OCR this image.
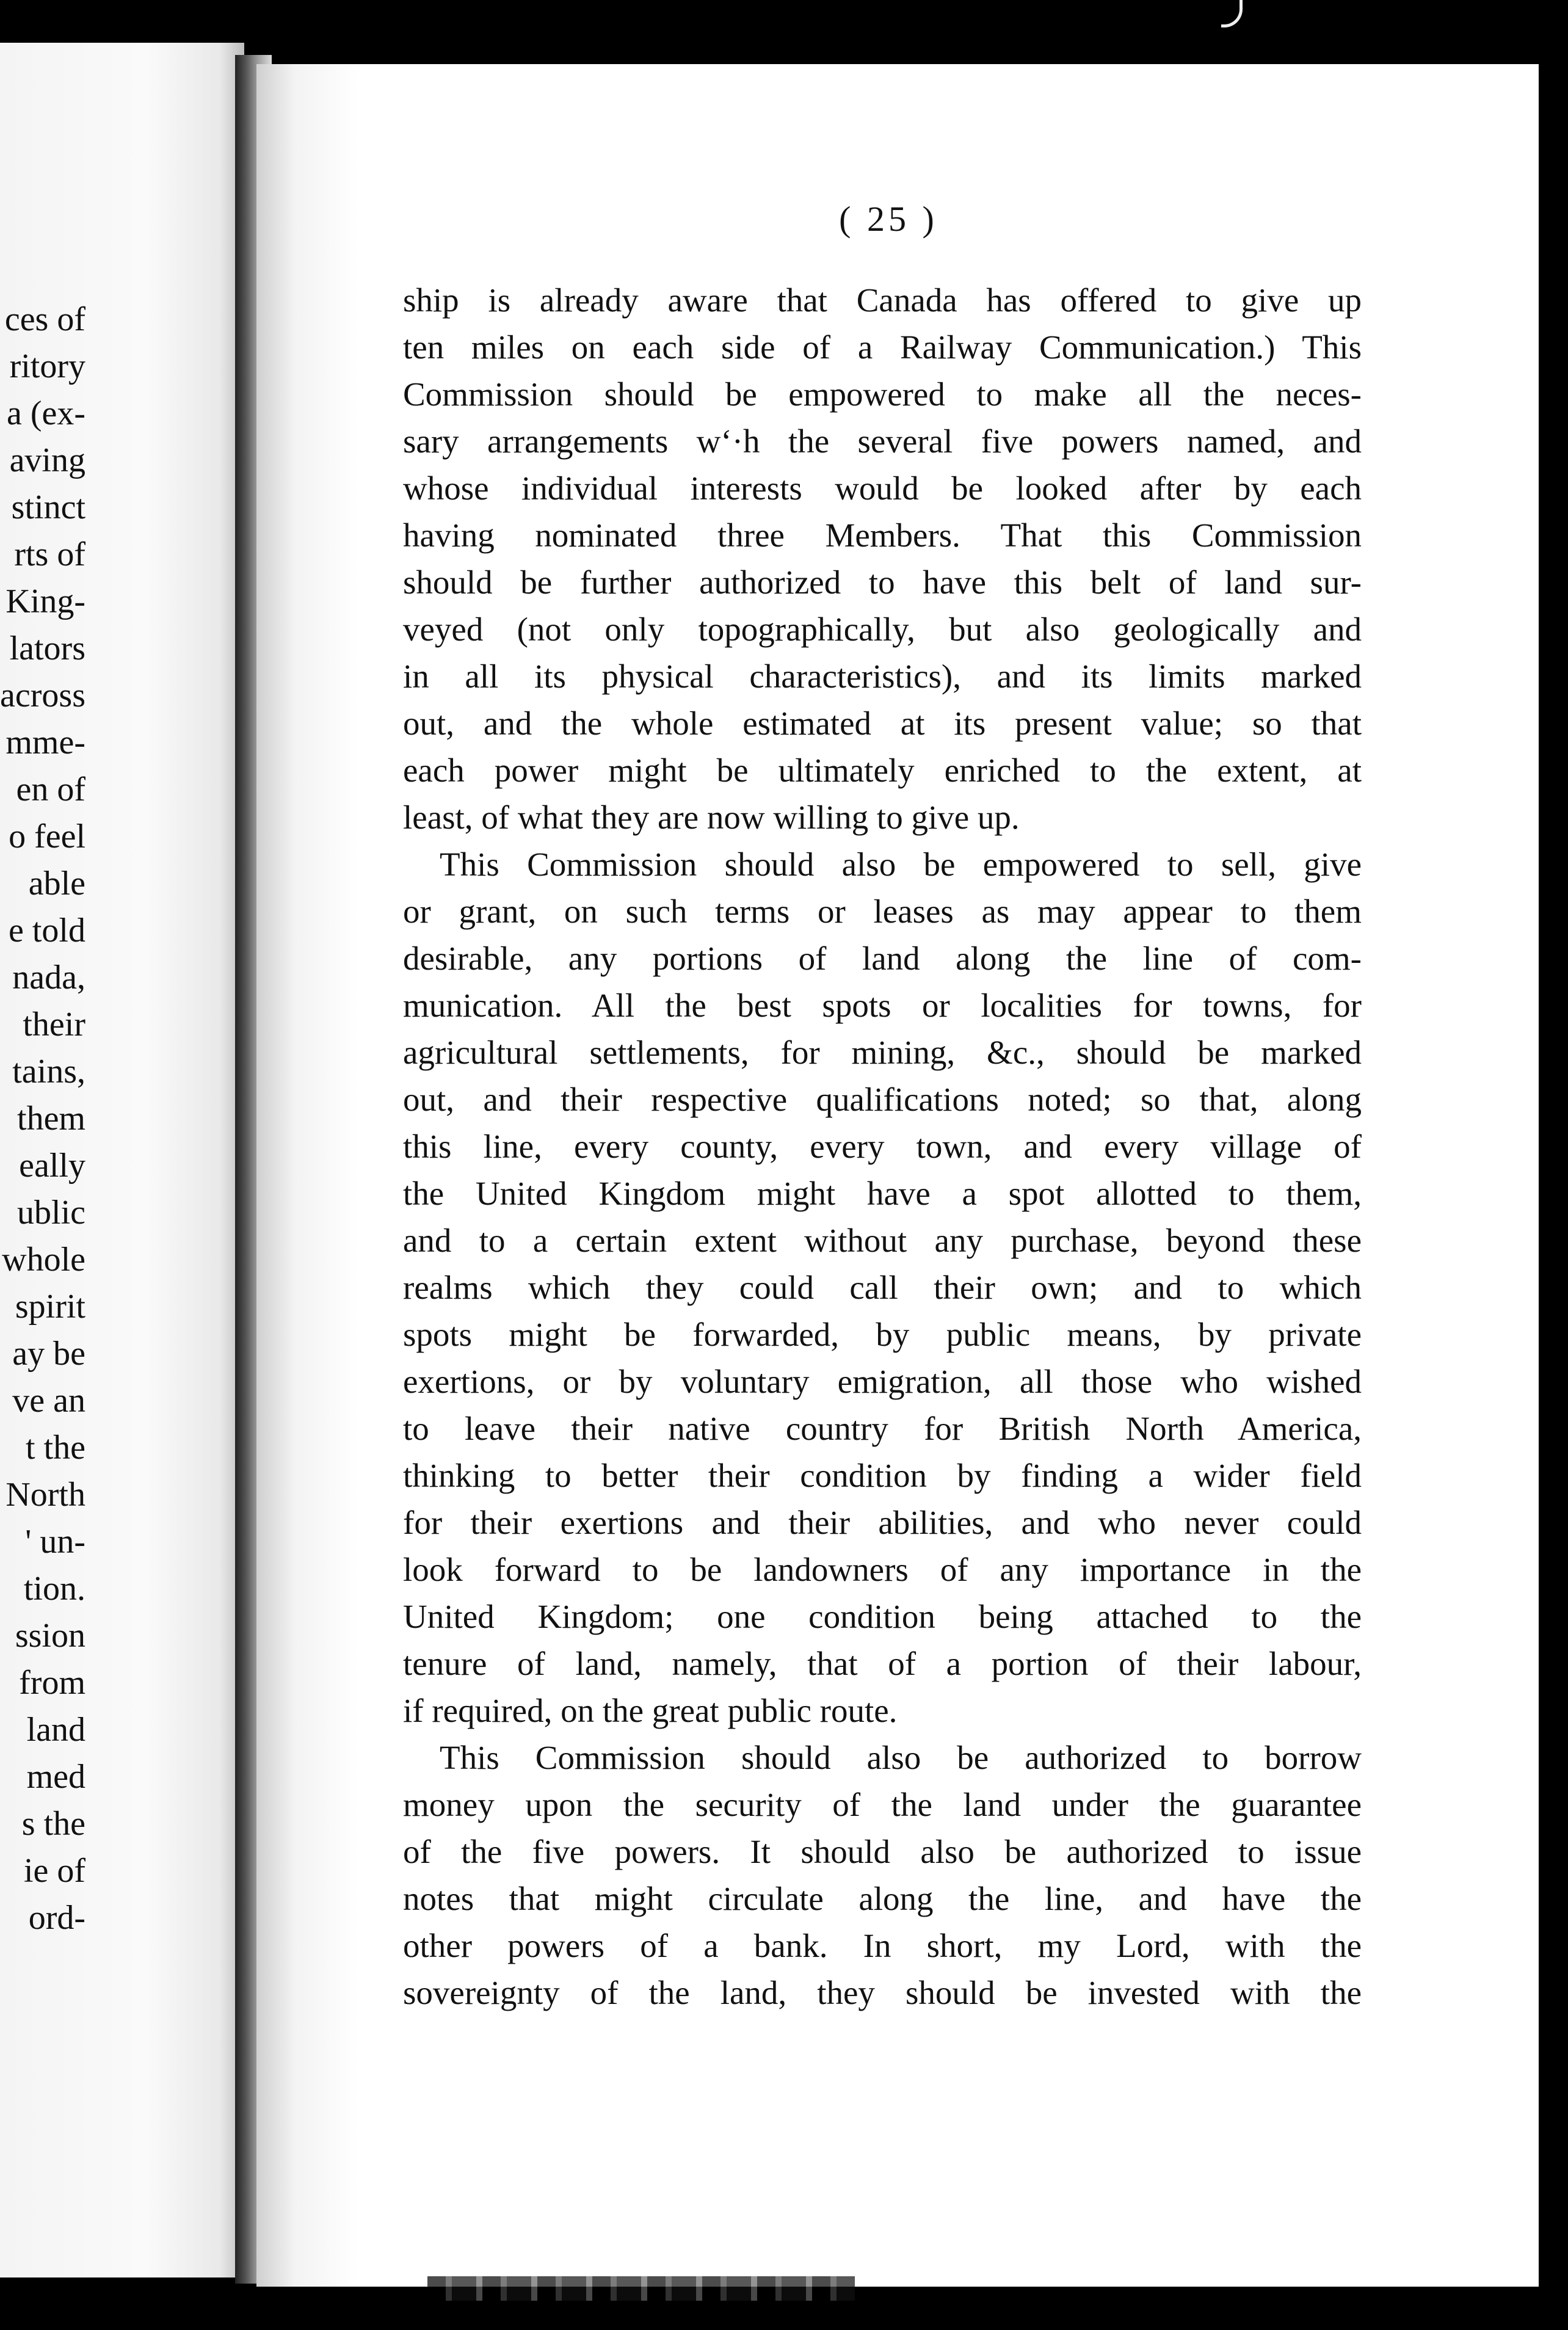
ces of
ritory
a (ex-
aving
stinct
rts of
King-
lators
across
mme-
en of
o feel
able
e told
nada,
their
tains,
them
eally
ublic
whole
spirit
ay be
ve an
t the
North
' un-
tion.
ssion
from
land
med
s the
ie of
ord-

( 25 )

ship is already aware that Canada has offered to give up
ten miles on each side of a Railway Communication.) This
Commission should be empowered to make all the neces-
sary arrangements w‘·h the several five powers named, and
whose individual interests would be looked after by each
having nominated three Members. That this Commission
should be further authorized to have this belt of land sur-
veyed (not only topographically, but also geologically and
in all its physical characteristics), and its limits marked
out, and the whole estimated at its present value; so that
each power might be ultimately enriched to the extent, at
least, of what they are now willing to give up.
This Commission should also be empowered to sell, give
or grant, on such terms or leases as may appear to them
desirable, any portions of land along the line of com-
munication. All the best spots or localities for towns, for
agricultural settlements, for mining, &c., should be marked
out, and their respective qualifications noted; so that, along
this line, every county, every town, and every village of
the United Kingdom might have a spot allotted to them,
and to a certain extent without any purchase, beyond these
realms which they could call their own; and to which
spots might be forwarded, by public means, by private
exertions, or by voluntary emigration, all those who wished
to leave their native country for British North America,
thinking to better their condition by finding a wider field
for their exertions and their abilities, and who never could
look forward to be landowners of any importance in the
United Kingdom; one condition being attached to the
tenure of land, namely, that of a portion of their labour,
if required, on the great public route.
This Commission should also be authorized to borrow
money upon the security of the land under the guarantee
of the five powers. It should also be authorized to issue
notes that might circulate along the line, and have the
other powers of a bank. In short, my Lord, with the
sovereignty of the land, they should be invested with the
